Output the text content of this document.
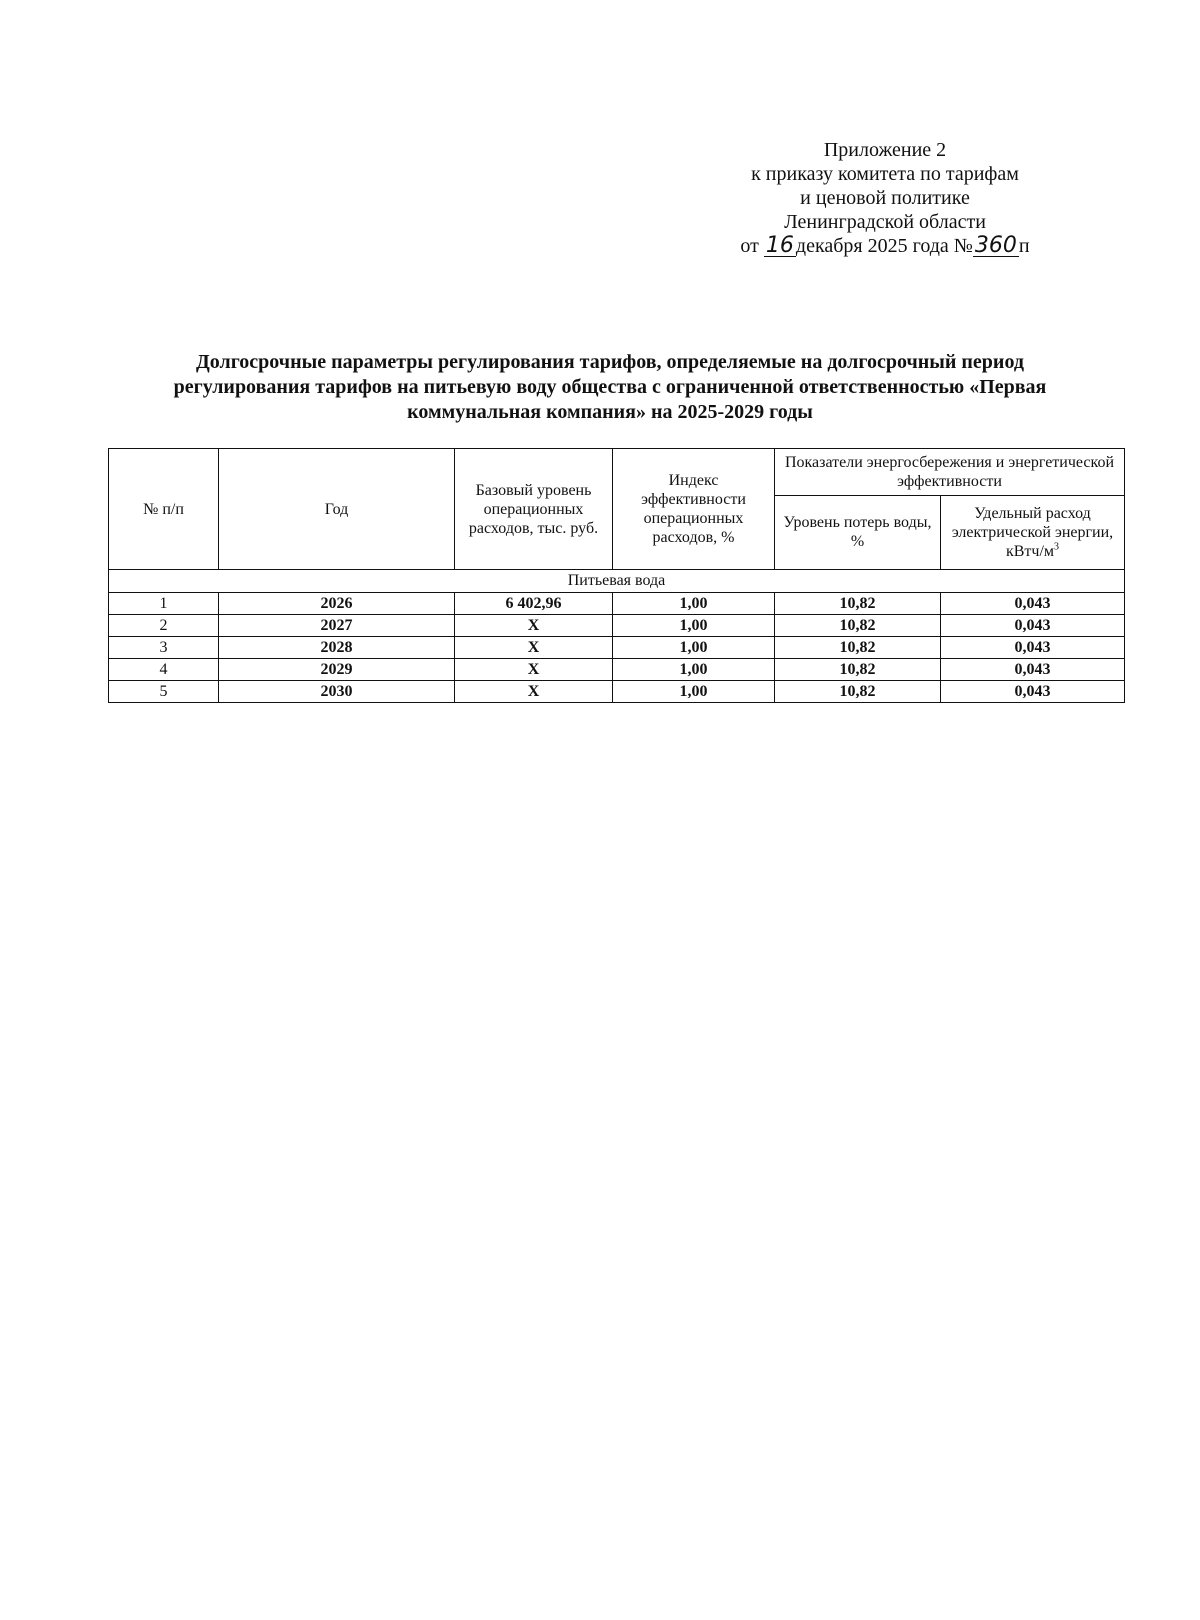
Приложение 2
к приказу комитета по тарифам
и ценовой политике
Ленинградской области
от 16 декабря 2025 года №360 п
Долгосрочные параметры регулирования тарифов, определяемые на долгосрочный период
регулирования тарифов на питьевую воду общества с ограниченной ответственностью «Первая
коммунальная компания» на 2025-2029 годы
№ п/п	Год	Базовый уровень операционных расходов, тыс. руб.	Индекс эффективности операционных расходов, %	Показатели энергосбережения и энергетической эффективности	
				Уровень потерь воды, %	Удельный расход электрической энергии, кВтч/$м^3$
Питьевая вода					
1	2026	6 402,96	1,00	10,82	0,043
2	2027	X	1,00	10,82	0,043
3	2028	X	1,00	10,82	0,043
4	2029	X	1,00	10,82	0,043
5	2030	X	1,00	10,82	0,043
